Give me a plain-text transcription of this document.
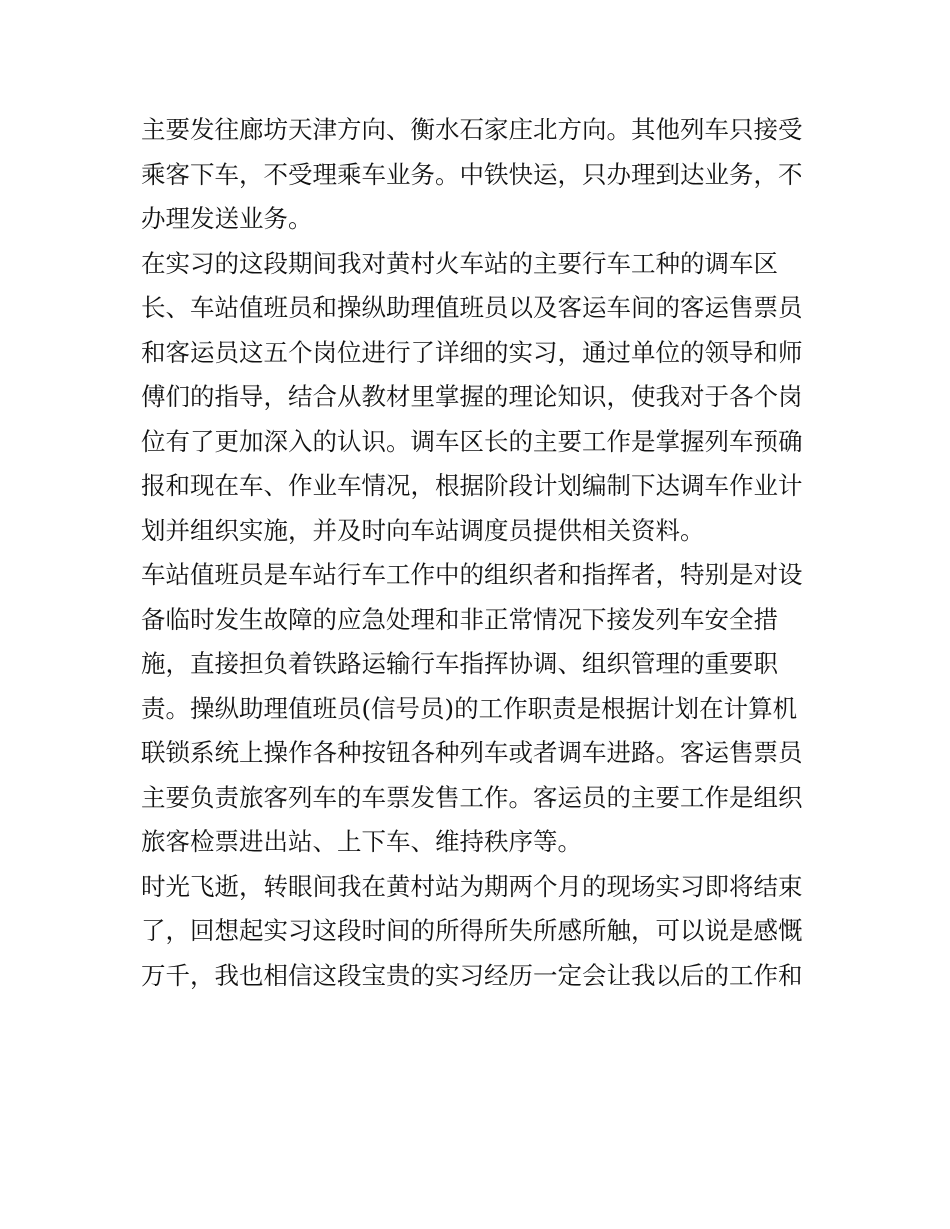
主要发往廊坊天津方向、衡水石家庄北方向。其他列车只接受
乘客下车，不受理乘车业务。中铁快运，只办理到达业务，不
办理发送业务。

在实习的这段期间我对黄村火车站的主要行车工种的调车区
长、车站值班员和操纵助理值班员以及客运车间的客运售票员
和客运员这五个岗位进行了详细的实习，通过单位的领导和师
傅们的指导，结合从教材里掌握的理论知识，使我对于各个岗
位有了更加深入的认识。调车区长的主要工作是掌握列车预确
报和现在车、作业车情况，根据阶段计划编制下达调车作业计
划并组织实施，并及时向车站调度员提供相关资料。

车站值班员是车站行车工作中的组织者和指挥者，特别是对设
备临时发生故障的应急处理和非正常情况下接发列车安全措
施，直接担负着铁路运输行车指挥协调、组织管理的重要职
责。操纵助理值班员(信号员)的工作职责是根据计划在计算机
联锁系统上操作各种按钮各种列车或者调车进路。客运售票员
主要负责旅客列车的车票发售工作。客运员的主要工作是组织
旅客检票进出站、上下车、维持秩序等。

时光飞逝，转眼间我在黄村站为期两个月的现场实习即将结束
了，回想起实习这段时间的所得所失所感所触，可以说是感慨
万千，我也相信这段宝贵的实习经历一定会让我以后的工作和
